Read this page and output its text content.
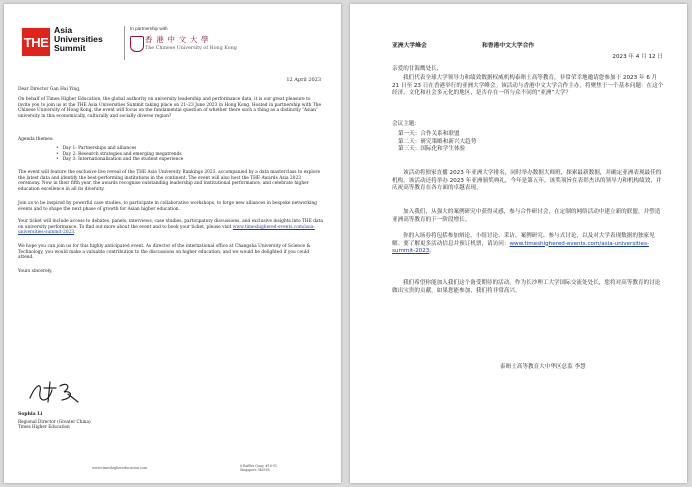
THE
Asia
Universities
Summit
In partnership with
香 港 中 文 大 學
The Chinese University of Hong Kong
12 April 2023
Dear Director Gan Hai Ying,
On behalf of Times Higher Education, the global authority on university leadership and performance data, it is our great pleasure to invite you to join us at the THE Asia Universities Summit taking place on 21–23 June 2023 in Hong Kong. Hosted in partnership with The Chinese University of Hong Kong, the event will focus on the fundamental question of whether there such a thing as a distinctly “Asian” university in this economically, culturally and socially diverse region?
Agenda themes:
• Day 1: Partnerships and alliances
• Day 2: Research strategies and emerging megatrends
• Day 3: Internationalisation and the student experience
The event will feature the exclusive live reveal of the THE Asia University Rankings 2023, accompanied by a data masterclass to explore the latest data and identify the best-performing institutions in the continent. The event will also host the THE Awards Asia 2023 ceremony. Now in their fifth year, the awards recognise outstanding leadership and institutional performance, and celebrate higher education excellence in all its diversity.
Join us to be inspired by powerful case studies, to participate in collaborative workshops, to forge new alliances in bespoke networking events and to shape the next phase of growth for Asian higher education.
Your ticket will include access to debates, panels, interviews, case studies, participatory discussions, and exclusive insights into THE data on university performance. To find out more about the event and to book your ticket, please visit www.timeshighered-events.com/asia-universities-summit-2023.
We hope you can join us for this highly anticipated event. As director of the international office at Changsha University of Science & Technology, you would make a valuable contribution to the discussions on higher education, and we would be delighted if you could attend.
Yours sincerely,
Sophia Li
Regional Director (Greater China)
Times Higher Education
www.timeshighereducation.com	6 Raffles Quay, #16-01,
Singapore 048580
亚洲大学峰会	和香港中文大学合作
2023 年 4 月 12 日
亲爱的甘海鹰处长,
我们代表全球大学领导力和绩效数据权威机构泰晤士高等教育，非常荣幸地邀请您参加于 2023 年 6 月 21 日至 23 日在香港举行的亚洲大学峰会。该活动与香港中文大学合作主办，将聚焦于一个基本问题：在这个经济、文化和社会多元化的地区，是否存在一所与众不同的“亚洲”大学？
会议主题：
第一天：合作关系和联盟
第二天：研究策略和新兴大趋势
第三天：国际化和学生体验
该活动将独家直播 2023 年亚洲大学排名，同时举办数据大师班，探索最新数据，并确定亚洲表现最佳的机构。该活动还将举办 2023 年亚洲颁奖典礼，今年是第五年，该奖项旨在表彰杰出的领导力和机构绩效，并庆祝高等教育在各方面的卓越表现。
加入我们，从强大的案例研究中获得灵感，参与合作研讨会，在定制的网络活动中建立新的联盟，并塑造亚洲高等教育的下一阶段增长。
你的入场券将包括参加辩论、小组讨论、采访、案例研究、参与式讨论，以及对大学表现数据的独家见解。要了解更多活动信息并预订机票，请访问：www.timeshighered-events.com/asia-universities-summit-2023。
我们希望你能加入我们这个备受期待的活动。作为长沙理工大学国际交流处处长，您将对高等教育的讨论做出宝贵的贡献，如果您能参加，我们将非常高兴。
泰晤士高等教育大中华区总监 李慧
